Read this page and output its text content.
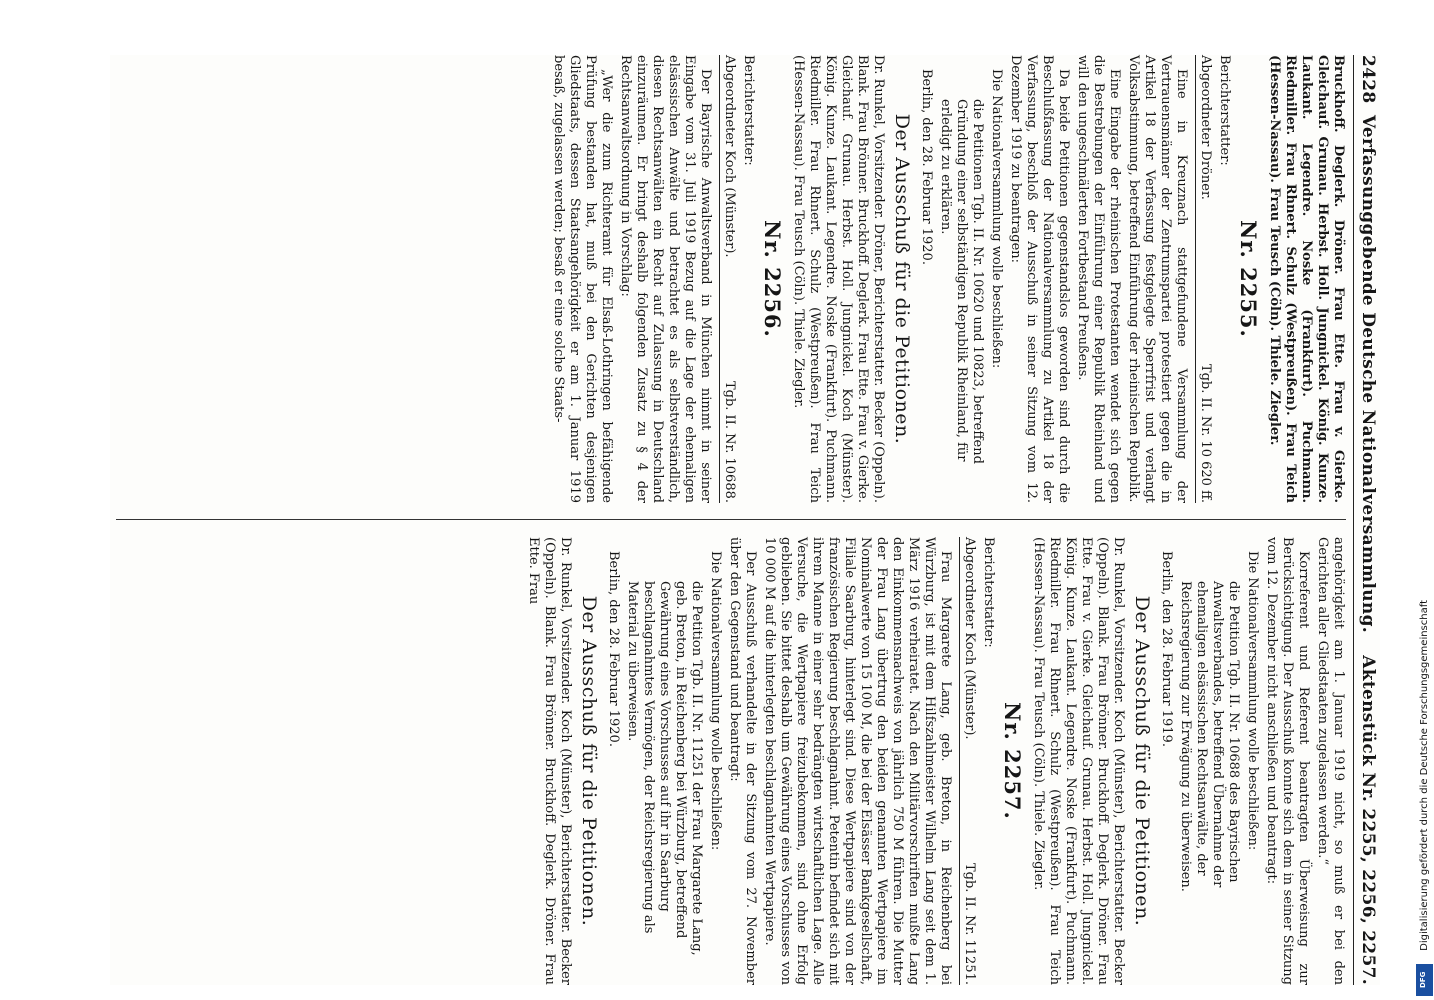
2428
Verfassunggebende Deutsche Nationalversammlung.
Aktenstück Nr. 2255, 2256, 2257.

Bruckhoff. Deglerk. Dröner. Frau Ette. Frau v. Gierke. Gleichauf. Grunau. Herbst. Holl. Jungnickel. König. Kunze. Laukant. Legendre. Noske (Frankfurt). Puchmann. Riedmiller. Frau Rhnert. Schulz (Westpreußen). Frau Teich (Hessen-Nassau). Frau Teusch (Cöln). Thiele. Ziegler.

Nr. 2255.

Berichterstatter:

Abgeordneter Dröner.
Tgb. II. Nr. 10 620 ff.

Eine in Kreuznach stattgefundene Versammlung der Vertrauensmänner der Zentrumspartei protestiert gegen die in Artikel 18 der Verfassung festgelegte Sperrfrist und verlangt Volksabstimmung, betreffend Einführung der rheinischen Republik.

Eine Eingabe der rheinischen Protestanten wendet sich gegen die Bestrebungen der Einführung einer Republik Rheinland und will den ungeschmälerten Fortbestand Preußens.

Da beide Petitionen gegenstandslos geworden sind durch die Beschlußfassung der Nationalversammlung zu Artikel 18 der Verfassung, beschloß der Ausschuß in seiner Sitzung vom 12. Dezember 1919 zu beantragen:

Die Nationalversammlung wolle beschließen:

die Petitionen Tgb. II. Nr. 10620 und 10823, betreffend Gründung einer selbständigen Republik Rheinland, für erledigt zu erklären.

Berlin, den 28. Februar 1920.

Der Ausschuß für die Petitionen.

Dr. Runkel, Vorsitzender. Dröner, Berichterstatter. Becker (Oppeln). Blank. Frau Brönner. Bruckhoff. Deglerk. Frau Ette. Frau v. Gierke. Gleichauf. Grunau. Herbst. Holl. Jungnickel. Koch (Münster). König. Kunze. Laukant. Legendre. Noske (Frankfurt). Puchmann. Riedmiller. Frau Rhnert. Schulz (Westpreußen). Frau Teich (Hessen-Nassau). Frau Teusch (Cöln). Thiele. Ziegler.

Nr. 2256.

Berichterstatter:

Abgeordneter Koch (Münster).
Tgb. II. Nr. 10688.

Der Bayrische Anwaltsverband in München nimmt in seiner Eingabe vom 31. Juli 1919 Bezug auf die Lage der ehemaligen elsässischen Anwälte und betrachtet es als selbstverständlich, diesen Rechtsanwälten ein Recht auf Zulassung in Deutschland einzuräumen. Er bringt deshalb folgenden Zusatz zu § 4 der Rechtsanwaltsordnung in Vorschlag:

„Wer die zum Richteramt für Elsaß-Lothringen befähigende Prüfung bestanden hat, muß bei den Gerichten desjenigen Gliedstaats, dessen Staatsangehörigkeit er am 1. Januar 1919 besaß, zugelassen werden; besaß er eine solche Staats-

angehörigkeit am 1. Januar 1919 nicht, so muß er bei den Gerichten aller Gliedstaaten zugelassen werden.“

Korreferent und Referent beantragten Überweisung zur Berücksichtigung. Der Ausschuß konnte sich dem in seiner Sitzung vom 12. Dezember nicht anschließen und beantragt:

Die Nationalversammlung wolle beschließen:

die Petition Tgb. II. Nr. 10688 des Bayrischen Anwaltsverbandes, betreffend Übernahme der ehemaligen elsässischen Rechtsanwälte, der Reichsregierung zur Erwägung zu überweisen.

Berlin, den 28. Februar 1919.

Der Ausschuß für die Petitionen.

Dr. Runkel, Vorsitzender. Koch (Münster), Berichterstatter. Becker (Oppeln). Blank. Frau Brönner. Bruckhoff. Deglerk. Dröner. Frau Ette. Frau v. Gierke. Gleichauf. Grunau. Herbst. Holl. Jungnickel. König. Kunze. Laukant. Legendre. Noske (Frankfurt). Puchmann. Riedmiller. Frau Rhnert. Schulz (Westpreußen). Frau Teich (Hessen-Nassau). Frau Teusch (Cöln). Thiele. Ziegler.

Nr. 2257.

Berichterstatter:

Abgeordneter Koch (Münster).
Tgb. II. Nr. 11251.

Frau Margarete Lang, geb. Breton, in Reichenberg bei Würzburg, ist mit dem Hilfszahlmeister Wilhelm Lang seit dem 1. März 1916 verheiratet. Nach den Militärvorschriften mußte Lang den Einkommensnachweis von jährlich 750 M führen. Die Mutter der Frau Lang übertrug den beiden genannten Wertpapiere im Nominalwerte von 15 100 M, die bei der Elsässer Bankgesellschaft, Filiale Saarburg, hinterlegt sind. Diese Wertpapiere sind von der französischen Regierung beschlagnahmt. Petentin befindet sich mit ihrem Manne in einer sehr bedrängten wirtschaftlichen Lage. Alle Versuche, die Wertpapiere freizubekommen, sind ohne Erfolg geblieben. Sie bittet deshalb um Gewährung eines Vorschusses von 10 000 M auf die hinterlegten beschlagnahmten Wertpapiere.

Der Ausschuß verhandelte in der Sitzung vom 27. November über den Gegenstand und beantragt:

Die Nationalversammlung wolle beschließen:

die Petition Tgb. II. Nr. 11251 der Frau Margarete Lang, geb. Breton, in Reichenberg bei Würzburg, betreffend Gewährung eines Vorschusses auf ihr in Saarburg beschlagnahmtes Vermögen, der Reichsregierung als Material zu überweisen.

Berlin, den 28. Februar 1920.

Der Ausschuß für die Petitionen.

Dr. Runkel, Vorsitzender. Koch (Münster), Berichterstatter. Becker (Oppeln). Blank. Frau Brönner. Bruckhoff. Deglerk. Dröner. Frau Ette. Frau

Digitalisierung gefördert durch die Deutsche Forschungsgemeinschaft
DFG
